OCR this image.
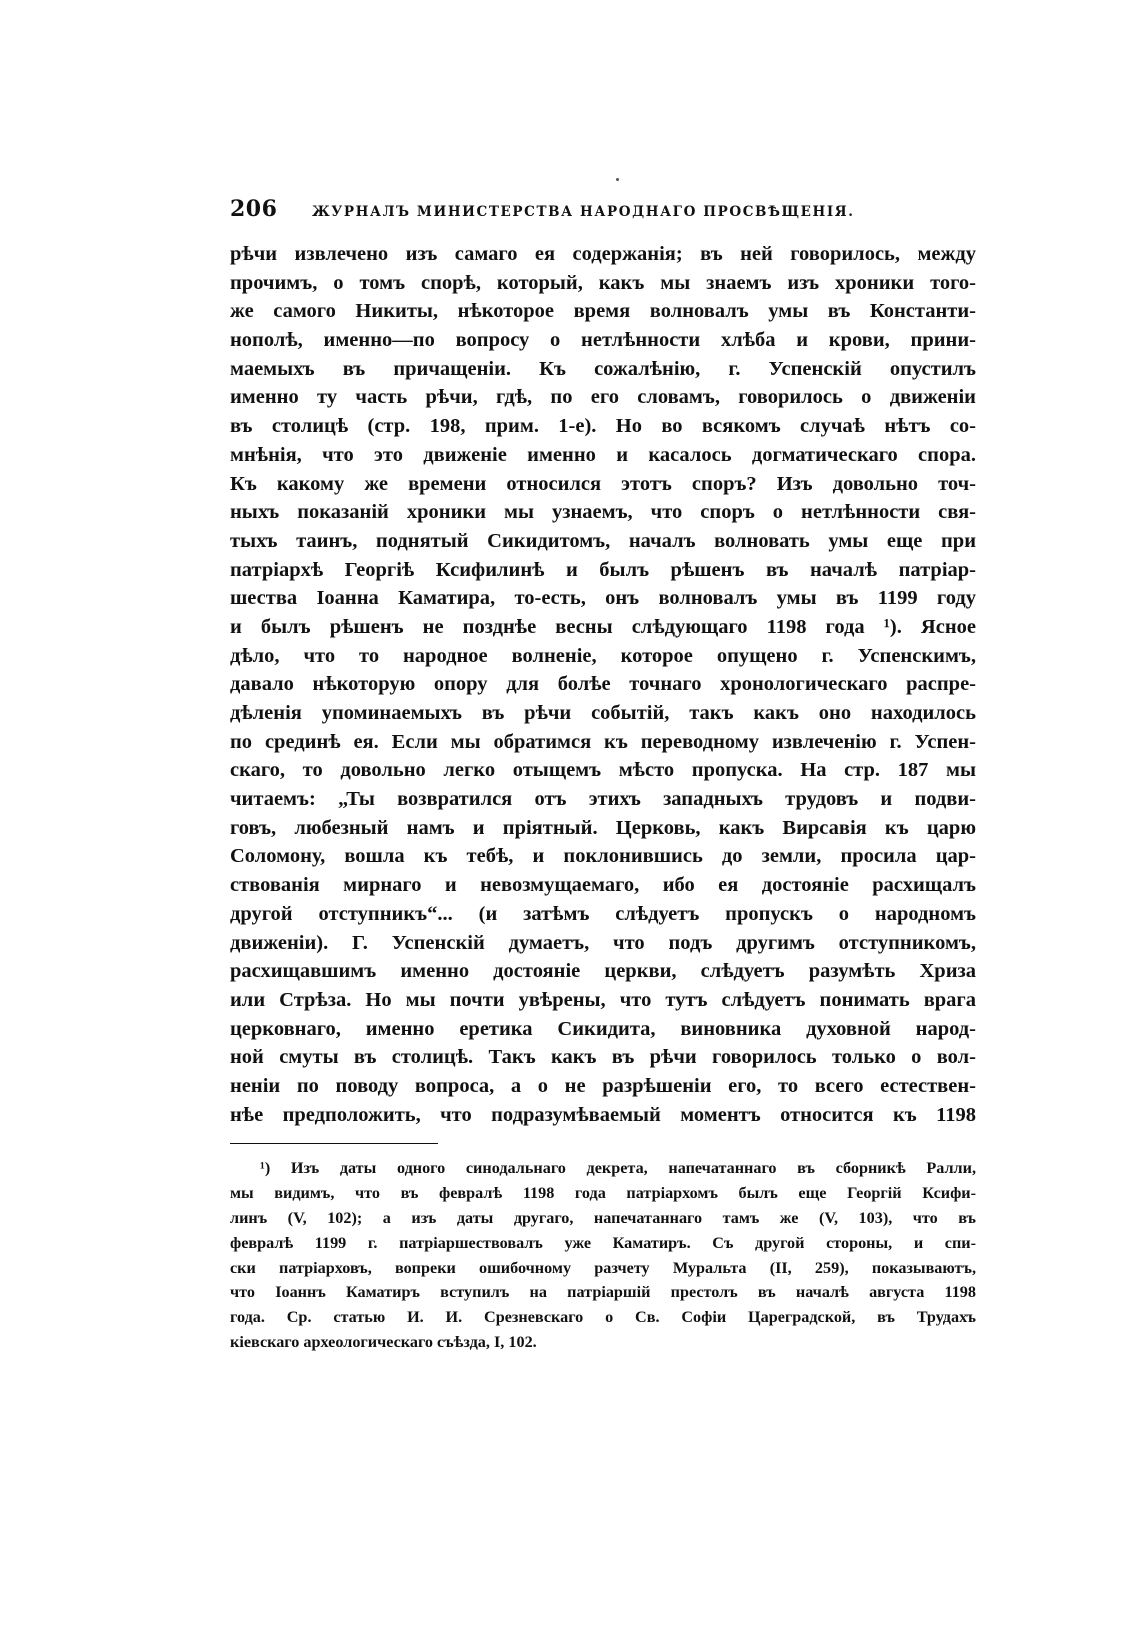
206	ЖУРНАЛЪ МИНИСТЕРСТВА НАРОДНАГО ПРОСВѢЩЕНІЯ.
рѣчи извлечено изъ самаго ея содержанія; въ ней говорилось, между
прочимъ, о томъ спорѣ, который, какъ мы знаемъ изъ хроники того-
же самого Никиты, нѣкоторое время волновалъ умы въ Константи-
нополѣ, именно—по вопросу о нетлѣнности хлѣба и крови, прини-
маемыхъ въ причащеніи. Къ сожалѣнію, г. Успенскій опустилъ
именно ту часть рѣчи, гдѣ, по его словамъ, говорилось о движеніи
въ столицѣ (стр. 198, прим. 1-е). Но во всякомъ случаѣ нѣтъ со-
мнѣнія, что это движеніе именно и касалось догматическаго спора.
Къ какому же времени относился этотъ споръ? Изъ довольно точ-
ныхъ показаній хроники мы узнаемъ, что споръ о нетлѣнности свя-
тыхъ таинъ, поднятый Сикидитомъ, началъ волновать умы еще при
патріархѣ Георгіѣ Ксифилинѣ и былъ рѣшенъ въ началѣ патріар-
шества Іоанна Каматира, то-есть, онъ волновалъ умы въ 1199 году
и былъ рѣшенъ не позднѣе весны слѣдующаго 1198 года ¹). Ясное
дѣло, что то народное волненіе, которое опущено г. Успенскимъ,
давало нѣкоторую опору для болѣе точнаго хронологическаго распре-
дѣленія упоминаемыхъ въ рѣчи событій, такъ какъ оно находилось
по срединѣ ея. Если мы обратимся къ переводному извлеченію г. Успен-
скаго, то довольно легко отыщемъ мѣсто пропуска. На стр. 187 мы
читаемъ: „Ты возвратился отъ этихъ западныхъ трудовъ и подви-
говъ, любезный намъ и пріятный. Церковь, какъ Вирсавія къ царю
Соломону, вошла къ тебѣ, и поклонившись до земли, просила цар-
ствованія мирнаго и невозмущаемаго, ибо ея достояніе расхищалъ
другой отступникъ“... (и затѣмъ слѣдуетъ пропускъ о народномъ
движеніи). Г. Успенскій думаетъ, что подъ другимъ отступникомъ,
расхищавшимъ именно достояніе церкви, слѣдуетъ разумѣть Хриза
или Стрѣза. Но мы почти увѣрены, что тутъ слѣдуетъ понимать врага
церковнаго, именно еретика Сикидита, виновника духовной народ-
ной смуты въ столицѣ. Такъ какъ въ рѣчи говорилось только о вол-
неніи по поводу вопроса, а о не разрѣшеніи его, то всего естествен-
нѣе предположить, что подразумѣваемый моментъ относится къ 1198
¹) Изъ даты одного синодальнаго декрета, напечатаннаго въ сборникѣ Ралли,
мы видимъ, что въ февралѣ 1198 года патріархомъ былъ еще Георгій Ксифи-
линъ (V, 102); а изъ даты другаго, напечатаннаго тамъ же (V, 103), что въ
февралѣ 1199 г. патріаршествовалъ уже Каматиръ. Съ другой стороны, и спи-
ски патріарховъ, вопреки ошибочному разчету Муральта (II, 259), показываютъ,
что Іоаннъ Каматиръ вступилъ на патріаршій престолъ въ началѣ августа 1198
года. Ср. статью И. И. Срезневскаго о Св. Софіи Цареградской, въ Трудахъ
кіевскаго археологическаго съѣзда, I, 102.
